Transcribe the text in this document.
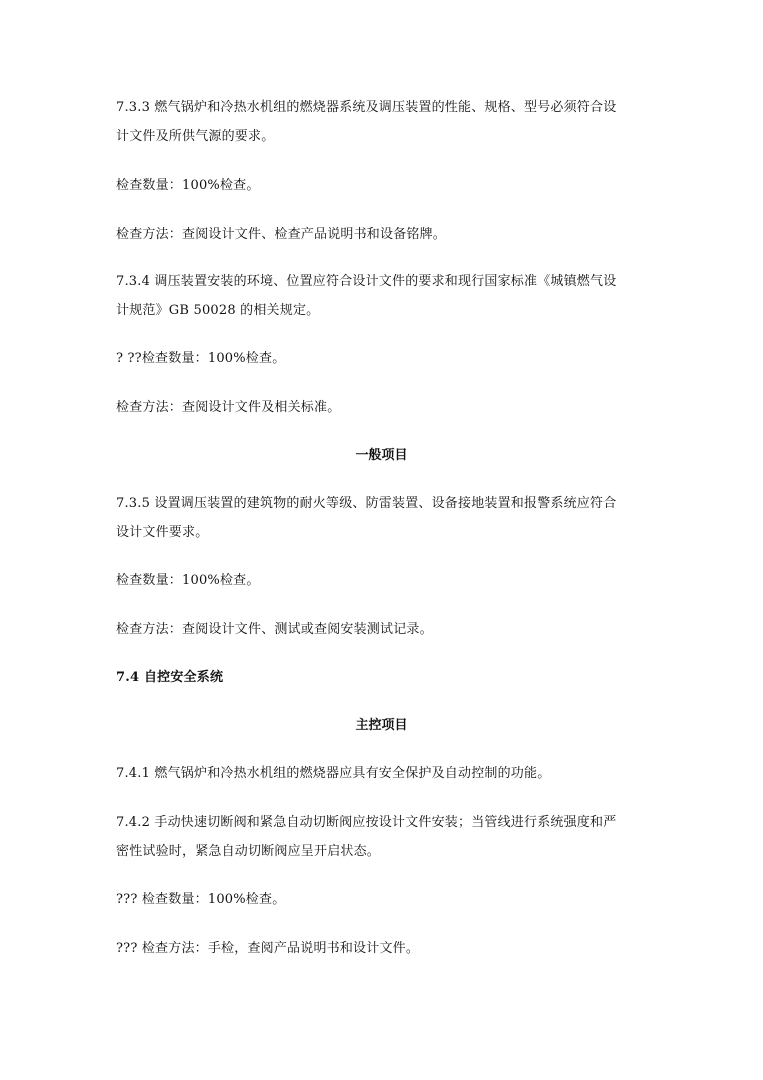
7.3.3 燃气锅炉和冷热水机组的燃烧器系统及调压装置的性能、规格、型号必须符合设
计文件及所供气源的要求。
检查数量：100%检查。
检查方法：查阅设计文件、检查产品说明书和设备铭牌。
7.3.4 调压装置安装的环境、位置应符合设计文件的要求和现行国家标准《城镇燃气设
计规范》GB 50028 的相关规定。
? ??检查数量：100%检查。
检查方法：查阅设计文件及相关标准。
一般项目
7.3.5 设置调压装置的建筑物的耐火等级、防雷装置、设备接地装置和报警系统应符合
设计文件要求。
检查数量：100%检查。
检查方法：查阅设计文件、测试或查阅安装测试记录。
7.4 自控安全系统
主控项目
7.4.1 燃气锅炉和冷热水机组的燃烧器应具有安全保护及自动控制的功能。
7.4.2 手动快速切断阀和紧急自动切断阀应按设计文件安装；当管线进行系统强度和严
密性试验时，紧急自动切断阀应呈开启状态。
??? 检查数量：100%检查。
??? 检查方法：手检，查阅产品说明书和设计文件。
